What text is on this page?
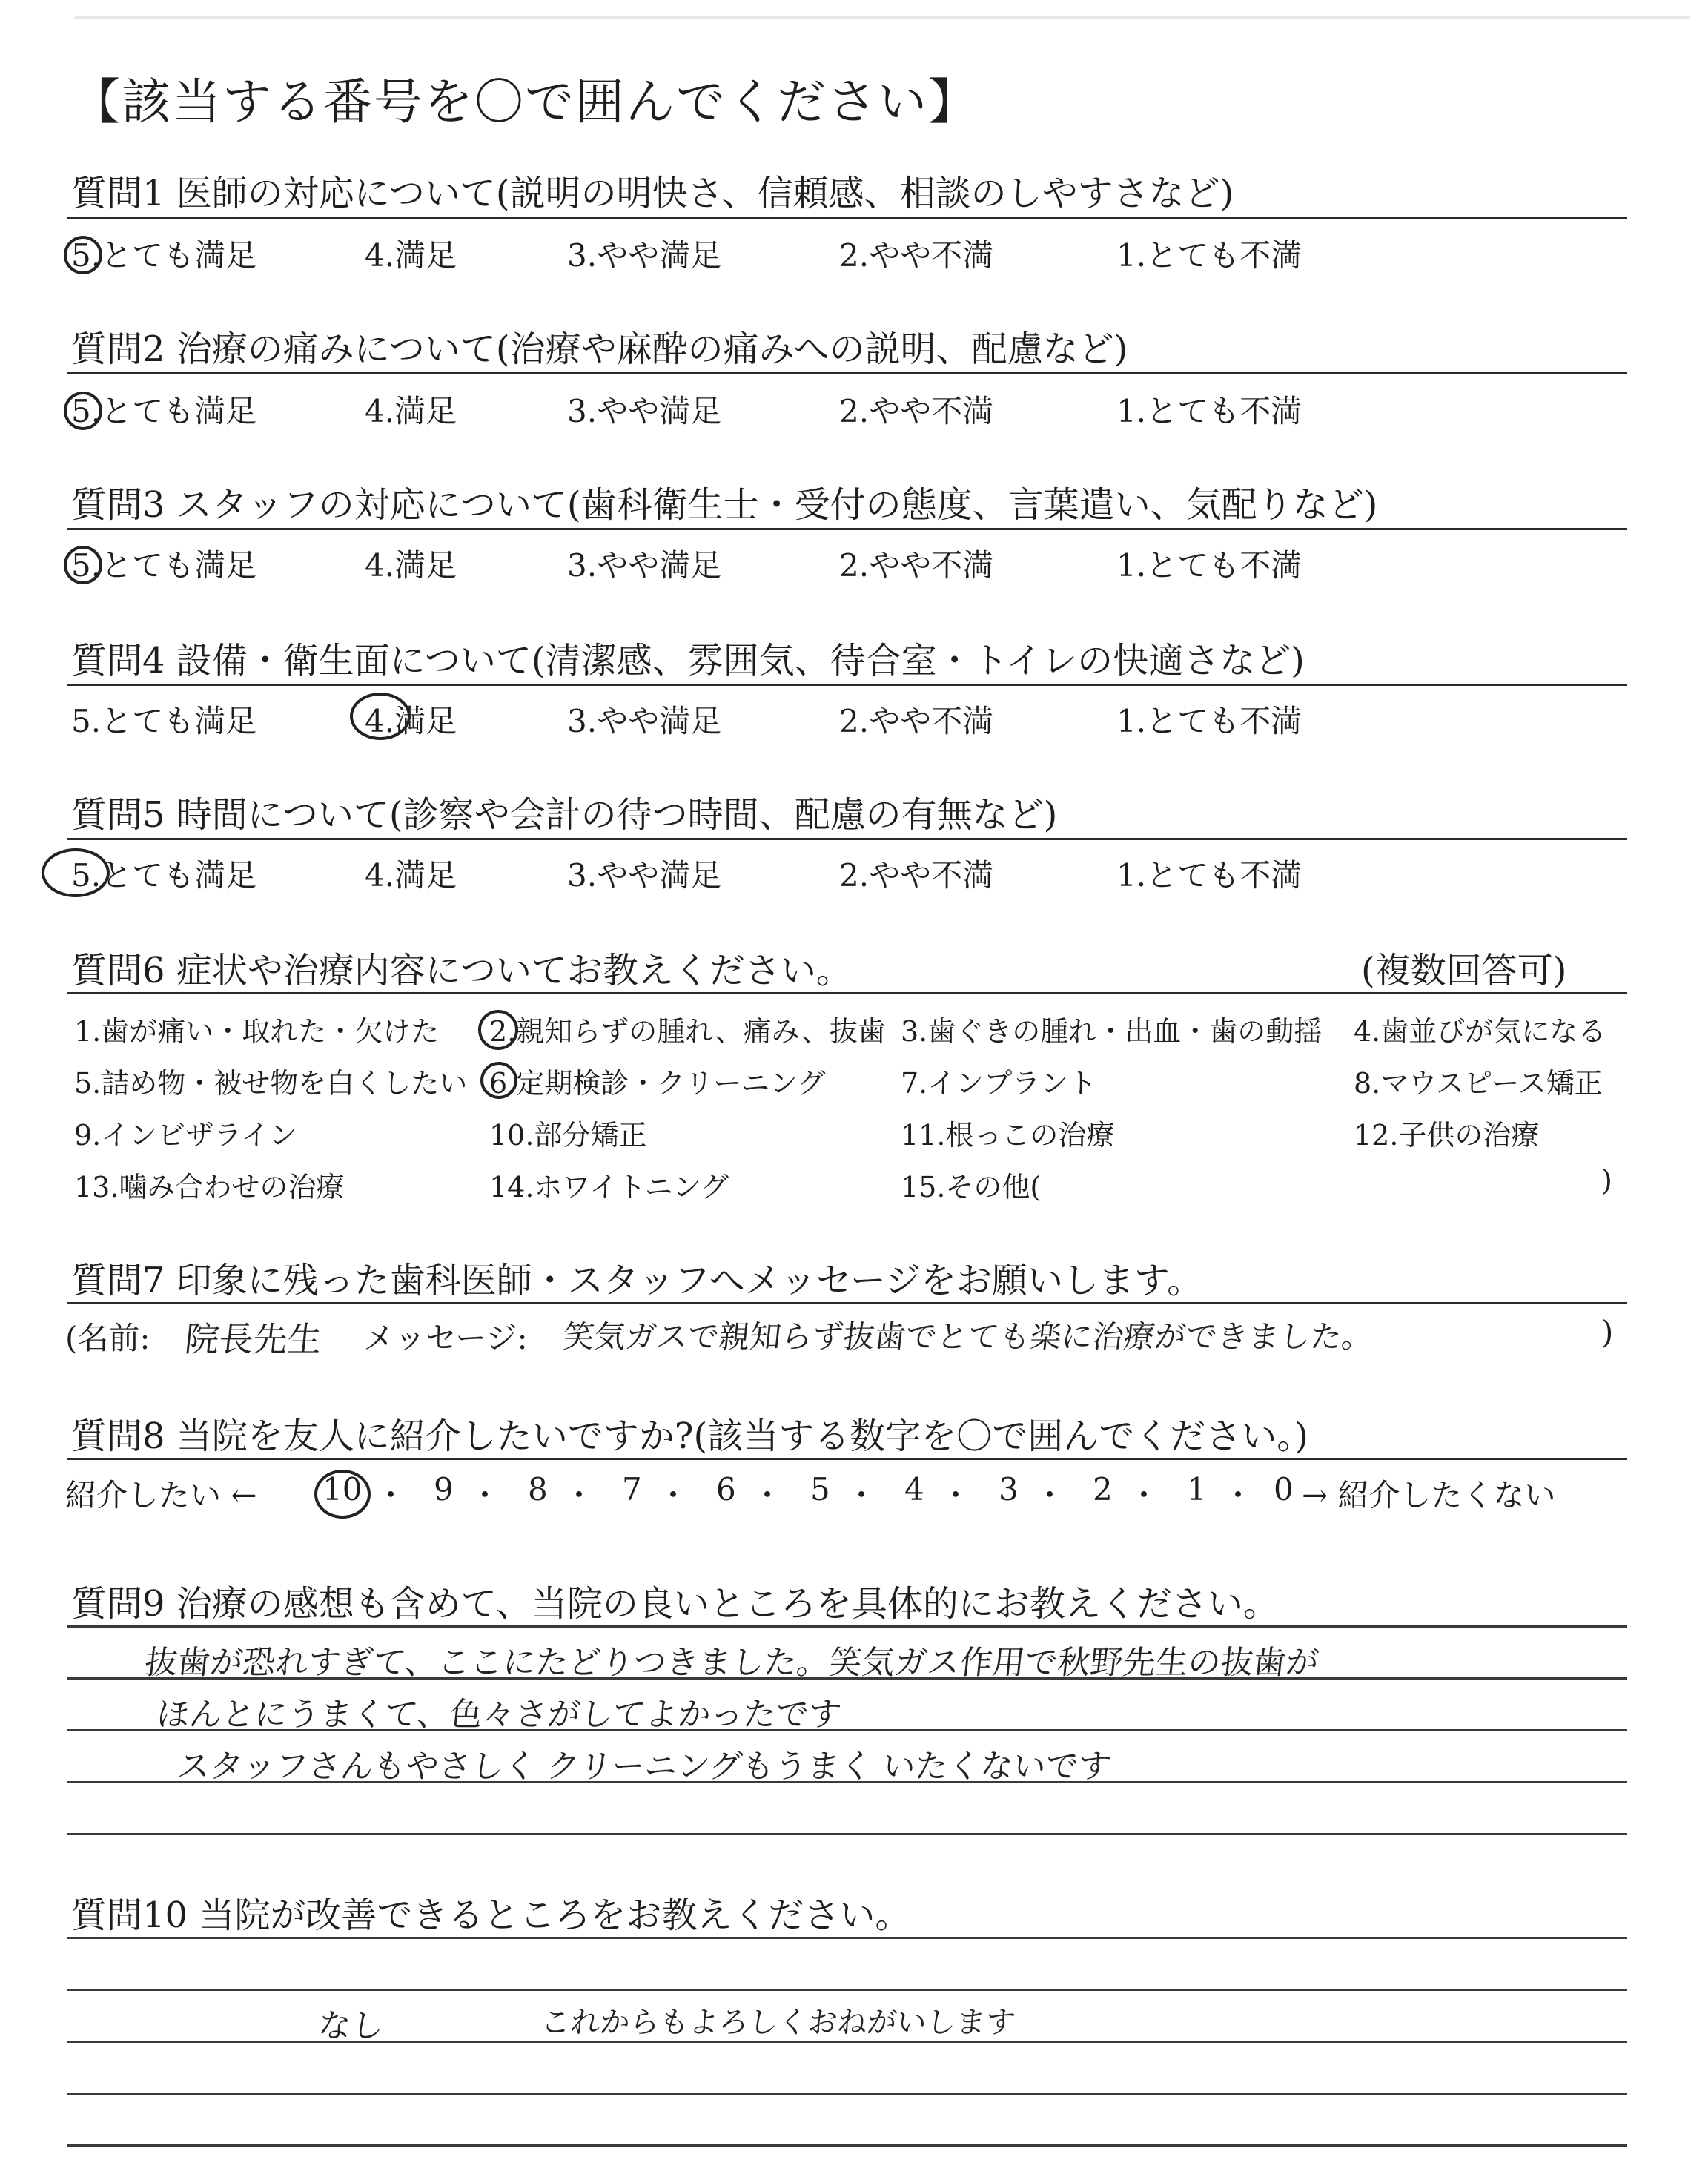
【該当する番号を〇で囲んでください】
質問1 医師の対応について(説明の明快さ、信頼感、相談のしやすさなど)
5.とても満足	4.満足	3.やや満足	2.やや不満	1.とても不満
質問2 治療の痛みについて(治療や麻酔の痛みへの説明、配慮など)
5.とても満足	4.満足	3.やや満足	2.やや不満	1.とても不満
質問3 スタッフの対応について(歯科衛生士・受付の態度、言葉遣い、気配りなど)
5.とても満足	4.満足	3.やや満足	2.やや不満	1.とても不満
質問4 設備・衛生面について(清潔感、雰囲気、待合室・トイレの快適さなど)
5.とても満足	4.満足	3.やや満足	2.やや不満	1.とても不満
質問5 時間について(診察や会計の待つ時間、配慮の有無など)
5.とても満足	4.満足	3.やや満足	2.やや不満	1.とても不満
質問6 症状や治療内容についてお教えください。	(複数回答可)
1.歯が痛い・取れた・欠けた 2.親知らずの腫れ、痛み、抜歯 3.歯ぐきの腫れ・出血・歯の動揺 4.歯並びが気になる
5.詰め物・被せ物を白くしたい 6.定期検診・クリーニング	7.インプラント	8.マウスピース矯正
9.インビザライン	10.部分矯正	11.根っこの治療	12.子供の治療
13.噛み合わせの治療	14.ホワイトニング	15.その他(	)
質問7 印象に残った歯科医師・スタッフへメッセージをお願いします。
(名前: 院長先生 メッセージ: 笑気ガスで親知らず抜歯でとても楽に治療ができました。	)
質問8 当院を友人に紹介したいですか?(該当する数字を〇で囲んでください。)
紹介したい ←	→ 紹介したくない
10 ・ 9 ・ 8 ・ 7 ・ 6 ・ 5 ・ 4 ・ 3 ・ 2 ・ 1 ・ 0
質問9 治療の感想も含めて、当院の良いところを具体的にお教えください。
抜歯が恐れすぎて、ここにたどりつきました。笑気ガス作用で秋野先生の抜歯が
ほんとにうまくて、色々さがしてよかったです
スタッフさんもやさしく クリーニングもうまく いたくないです
質問10 当院が改善できるところをお教えください。
なし	これからもよろしくおねがいします
